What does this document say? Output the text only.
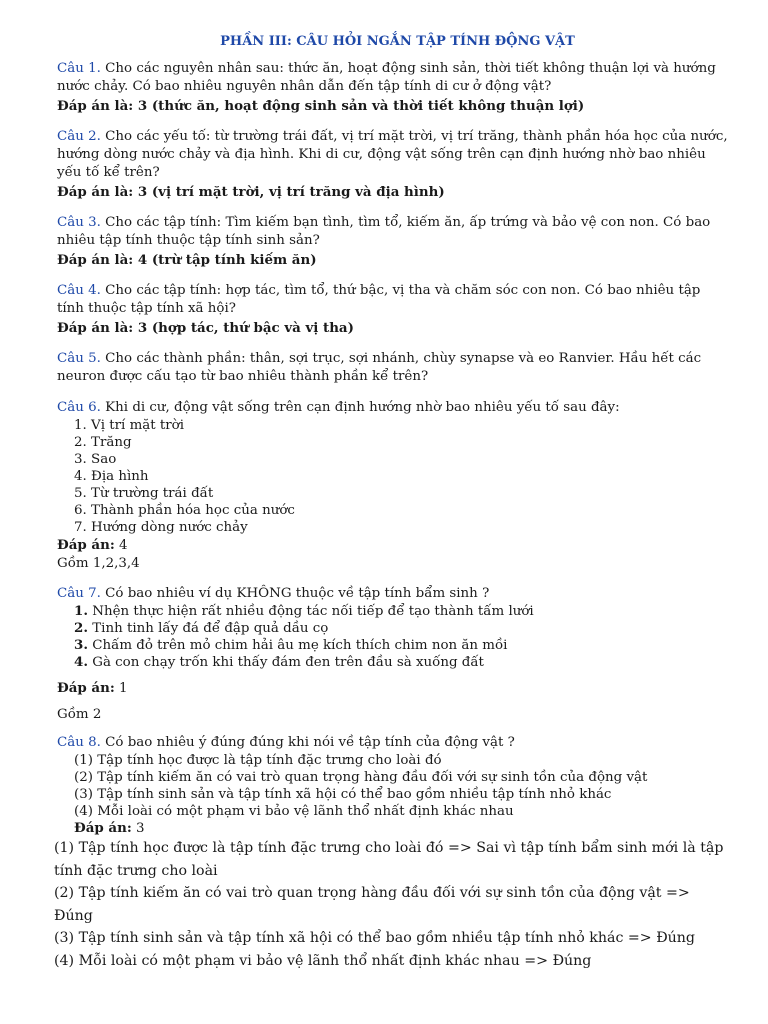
PHẦN III: CÂU HỎI NGẮN TẬP TÍNH ĐỘNG VẬT
Câu 1. Cho các nguyên nhân sau: thức ăn, hoạt động sinh sản, thời tiết không thuận lợi và hướng nước chảy. Có bao nhiêu nguyên nhân dẫn đến tập tính di cư ở động vật?
Đáp án là: 3 (thức ăn, hoạt động sinh sản và thời tiết không thuận lợi)
Câu 2. Cho các yếu tố: từ trường trái đất, vị trí mặt trời, vị trí trăng, thành phần hóa học của nước, hướng dòng nước chảy và địa hình. Khi di cư, động vật sống trên cạn định hướng nhờ bao nhiêu yếu tố kể trên?
Đáp án là: 3 (vị trí mặt trời, vị trí trăng và địa hình)
Câu 3. Cho các tập tính: Tìm kiếm bạn tình, tìm tổ, kiếm ăn, ấp trứng và bảo vệ con non. Có bao nhiêu tập tính thuộc tập tính sinh sản?
Đáp án là: 4 (trừ tập tính kiếm ăn)
Câu 4. Cho các tập tính: hợp tác, tìm tổ, thứ bậc, vị tha và chăm sóc con non. Có bao nhiêu tập tính thuộc tập tính xã hội?
Đáp án là: 3 (hợp tác, thứ bậc và vị tha)
Câu 5. Cho các thành phần: thân, sợi trục, sợi nhánh, chùy synapse và eo Ranvier. Hầu hết các neuron được cấu tạo từ bao nhiêu thành phần kể trên?
Câu 6. Khi di cư, động vật sống trên cạn định hướng nhờ bao nhiêu yếu tố sau đây:
1. Vị trí mặt trời
2. Trăng
3. Sao
4. Địa hình
5. Từ trường trái đất
6. Thành phần hóa học của nước
7. Hướng dòng nước chảy
Đáp án: 4
Gồm 1,2,3,4
Câu 7. Có bao nhiêu ví dụ KHÔNG thuộc về tập tính bẩm sinh ?
1. Nhện thực hiện rất nhiều động tác nối tiếp để tạo thành tấm lưới
2. Tinh tinh lấy đá để đập quả dầu cọ
3. Chấm đỏ trên mỏ chim hải âu mẹ kích thích chim non ăn mồi
4. Gà con chạy trốn khi thấy đám đen trên đầu sà xuống đất
Đáp án: 1
Gồm 2
Câu 8. Có bao nhiêu ý đúng đúng khi nói về tập tính của động vật ?
(1) Tập tính học được là tập tính đặc trưng cho loài đó
(2) Tập tính kiếm ăn có vai trò quan trọng hàng đầu đối với sự sinh tồn của động vật
(3) Tập tính sinh sản và tập tính xã hội có thể bao gồm nhiều tập tính nhỏ khác
(4) Mỗi loài có một phạm vi bảo vệ lãnh thổ nhất định khác nhau
Đáp án: 3
(1) Tập tính học được là tập tính đặc trưng cho loài đó => Sai vì tập tính bẩm sinh mới là tập tính đặc trưng cho loài
(2) Tập tính kiếm ăn có vai trò quan trọng hàng đầu đối với sự sinh tồn của động vật => Đúng
(3) Tập tính sinh sản và tập tính xã hội có thể bao gồm nhiều tập tính nhỏ khác => Đúng
(4) Mỗi loài có một phạm vi bảo vệ lãnh thổ nhất định khác nhau => Đúng
